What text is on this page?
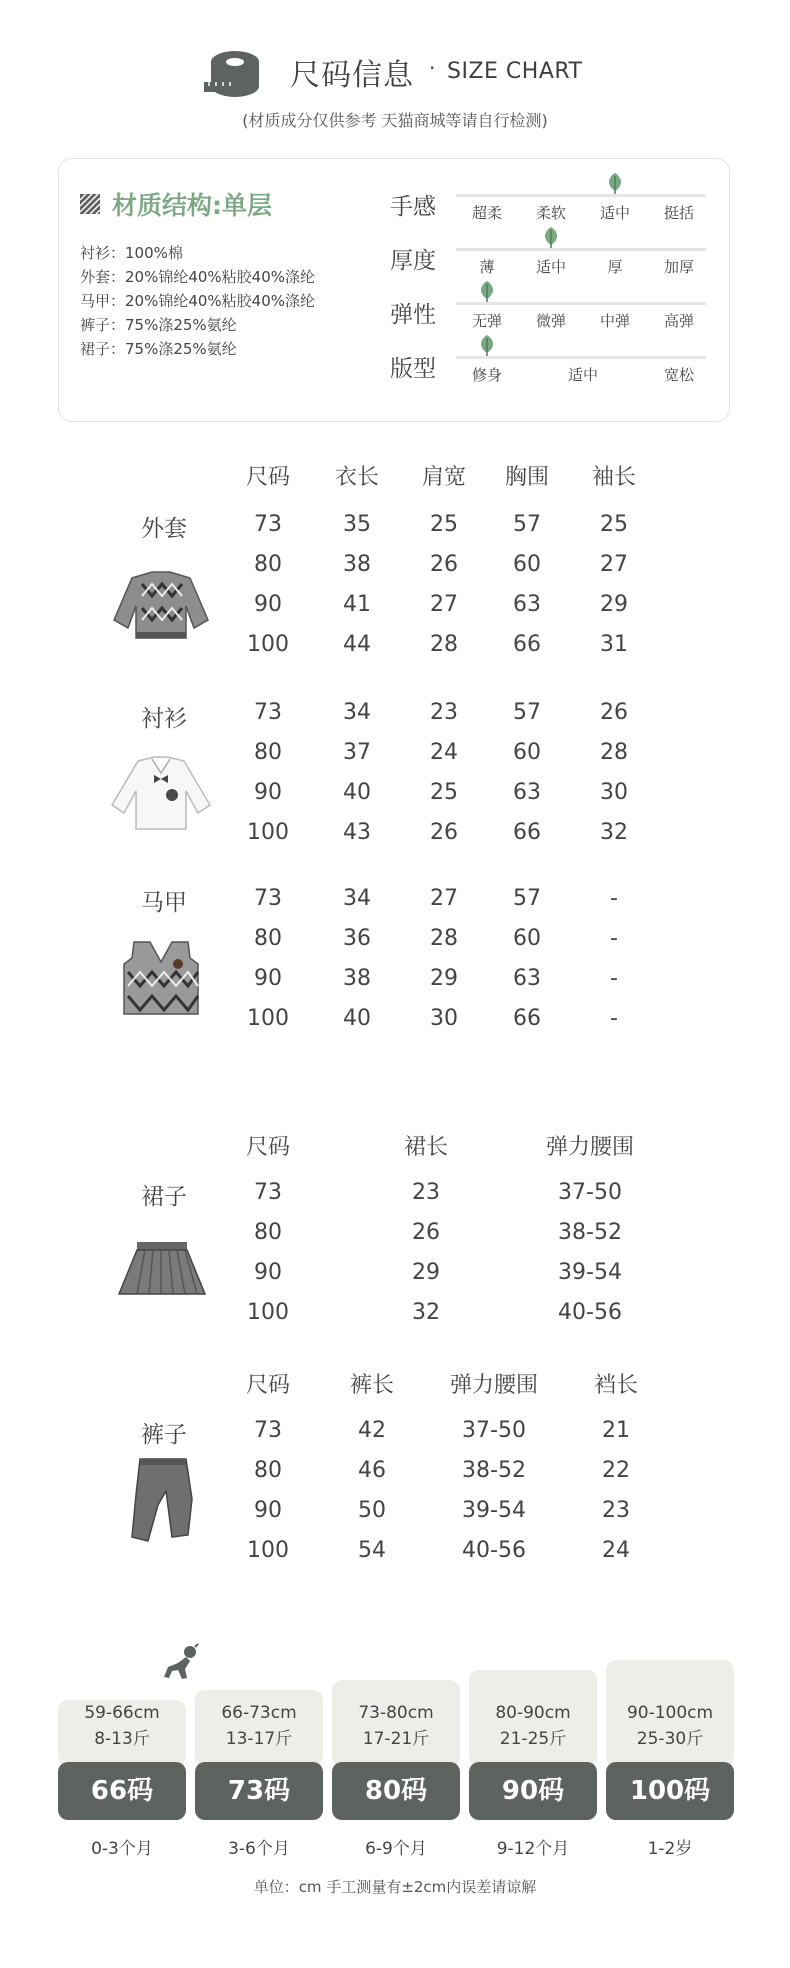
尺码信息 · SIZE CHART
(材质成分仅供参考 天猫商城等请自行检测)
材质结构:单层
衬衫：100%棉
外套：20%锦纶40%粘胶40%涤纶
马甲：20%锦纶40%粘胶40%涤纶
裤子：75%涤25%氨纶
裙子：75%涤25%氨纶
手感	超柔	柔软	适中	挺括
厚度	薄	适中	厚	加厚
弹性	无弹	微弹	中弹	高弹
版型	修身	适中	宽松
尺码	衣长	肩宽	胸围	袖长
外套	73	35	25	57	25
80	38	26	60	27
90	41	27	63	29
100	44	28	66	31
衬衫	73	34	23	57	26
80	37	24	60	28
90	40	25	63	30
100	43	26	66	32
马甲	73	34	27	57	-
80	36	28	60	-
90	38	29	63	-
100	40	30	66	-
尺码	裙长	弹力腰围
裙子	73	23	37-50
80	26	38-52
90	29	39-54
100	32	40-56
尺码	裤长	弹力腰围	裆长
裤子	73	42	37-50	21
80	46	38-52	22
90	50	39-54	23
100	54	40-56	24
59-66cm
8-13斤
66码
0-3个月
66-73cm
13-17斤
73码
3-6个月
73-80cm
17-21斤
80码
6-9个月
80-90cm
21-25斤
90码
9-12个月
90-100cm
25-30斤
100码
1-2岁
单位：cm 手工测量有±2cm内误差请谅解
